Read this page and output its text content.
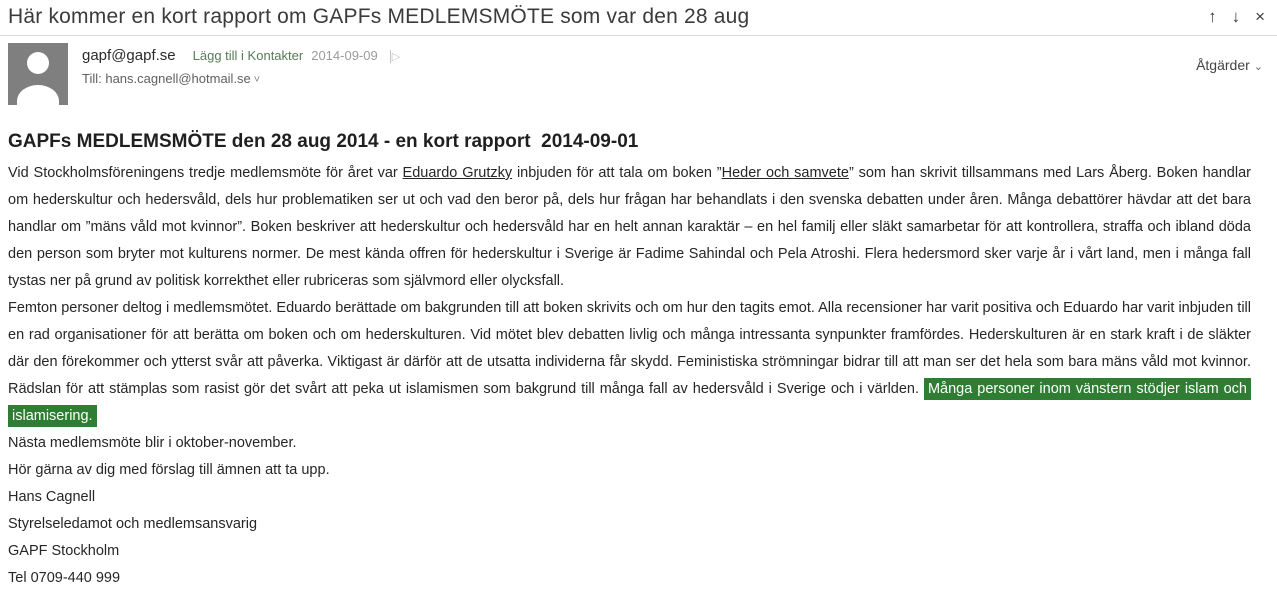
Här kommer en kort rapport om GAPFs MEDLEMSMÖTE som var den 28 aug	↑ ↓ ×
gapf@gapf.se Lägg till i Kontakter 2014-09-09 ▷
Till: hans.cagnell@hotmail.se ˅
Åtgärder ⌄
GAPFs MEDLEMSMÖTE den 28 aug 2014 - en kort rapport  2014-09-01

Vid Stockholmsföreningens tredje medlemsmöte för året var Eduardo Grutzky inbjuden för att tala om boken ”Heder och samvete” som han skrivit tillsammans med Lars Åberg. Boken handlar om hederskultur och hedersvåld, dels hur problematiken ser ut och vad den beror på, dels hur frågan har behandlats i den svenska debatten under åren. Många debattörer hävdar att det bara handlar om ”mäns våld mot kvinnor”. Boken beskriver att hederskultur och hedersvåld har en helt annan karaktär – en hel familj eller släkt samarbetar för att kontrollera, straffa och ibland döda den person som bryter mot kulturens normer. De mest kända offren för hederskultur i Sverige är Fadime Sahindal och Pela Atroshi. Flera hedersmord sker varje år i vårt land, men i många fall tystas ner på grund av politisk korrekthet eller rubriceras som självmord eller olycksfall.

Femton personer deltog i medlemsmötet. Eduardo berättade om bakgrunden till att boken skrivits och om hur den tagits emot. Alla recensioner har varit positiva och Eduardo har varit inbjuden till en rad organisationer för att berätta om boken och om hederskulturen. Vid mötet blev debatten livlig och många intressanta synpunkter framfördes. Hederskulturen är en stark kraft i de släkter där den förekommer och ytterst svår att påverka. Viktigast är därför att de utsatta individerna får skydd. Feministiska strömningar bidrar till att man ser det hela som bara mäns våld mot kvinnor. Rädslan för att stämplas som rasist gör det svårt att peka ut islamismen som bakgrund till många fall av hedersvåld i Sverige och i världen. Många personer inom vänstern stödjer islam och islamisering.

Nästa medlemsmöte blir i oktober-november.
Hör gärna av dig med förslag till ämnen att ta upp.
Hans Cagnell
Styrelseledamot och medlemsansvarig
GAPF Stockholm
Tel 0709-440 999
